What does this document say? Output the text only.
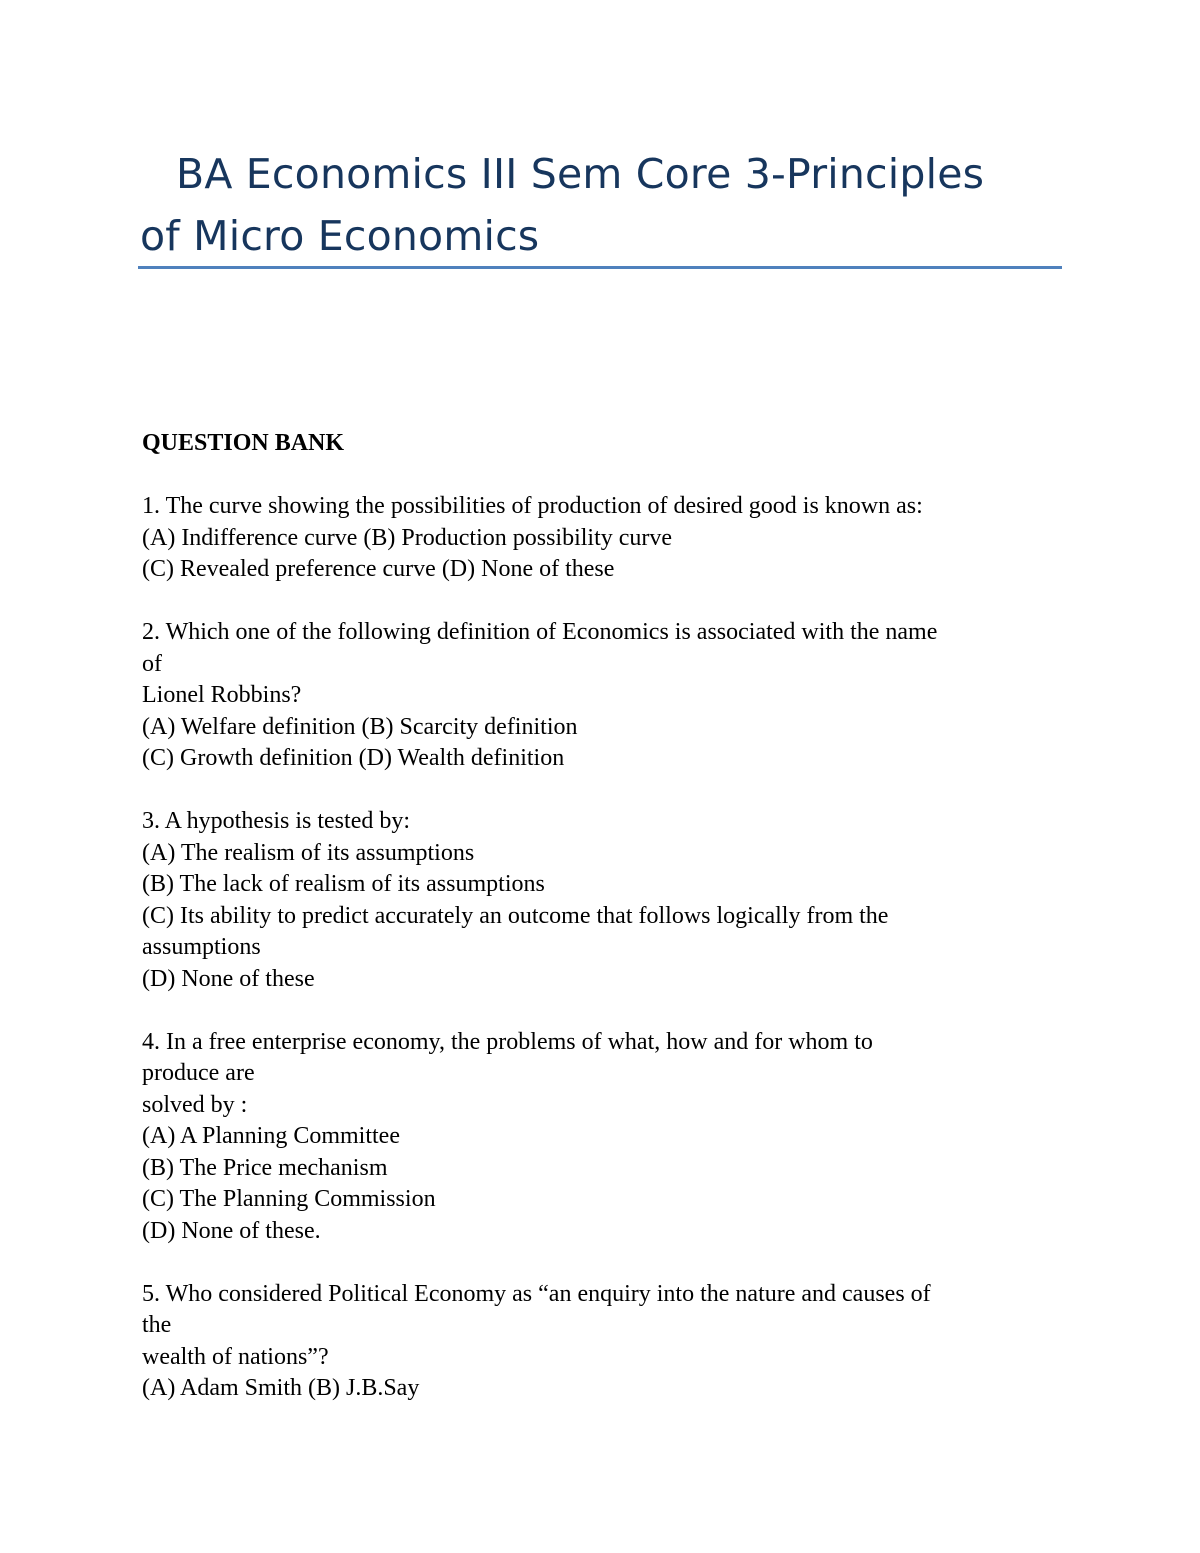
BA Economics III Sem Core 3-Principles
of Micro Economics
QUESTION BANK
1. The curve showing the possibilities of production of desired good is known as:
(A) Indifference curve (B) Production possibility curve
(C) Revealed preference curve (D) None of these
2. Which one of the following definition of Economics is associated with the name
of
Lionel Robbins?
(A) Welfare definition (B) Scarcity definition
(C) Growth definition (D) Wealth definition
3. A hypothesis is tested by:
(A) The realism of its assumptions
(B) The lack of realism of its assumptions
(C) Its ability to predict accurately an outcome that follows logically from the
assumptions
(D) None of these
4. In a free enterprise economy, the problems of what, how and for whom to
produce are
solved by :
(A) A Planning Committee
(B) The Price mechanism
(C) The Planning Commission
(D) None of these.
5. Who considered Political Economy as “an enquiry into the nature and causes of
the
wealth of nations”?
(A) Adam Smith (B) J.B.Say
